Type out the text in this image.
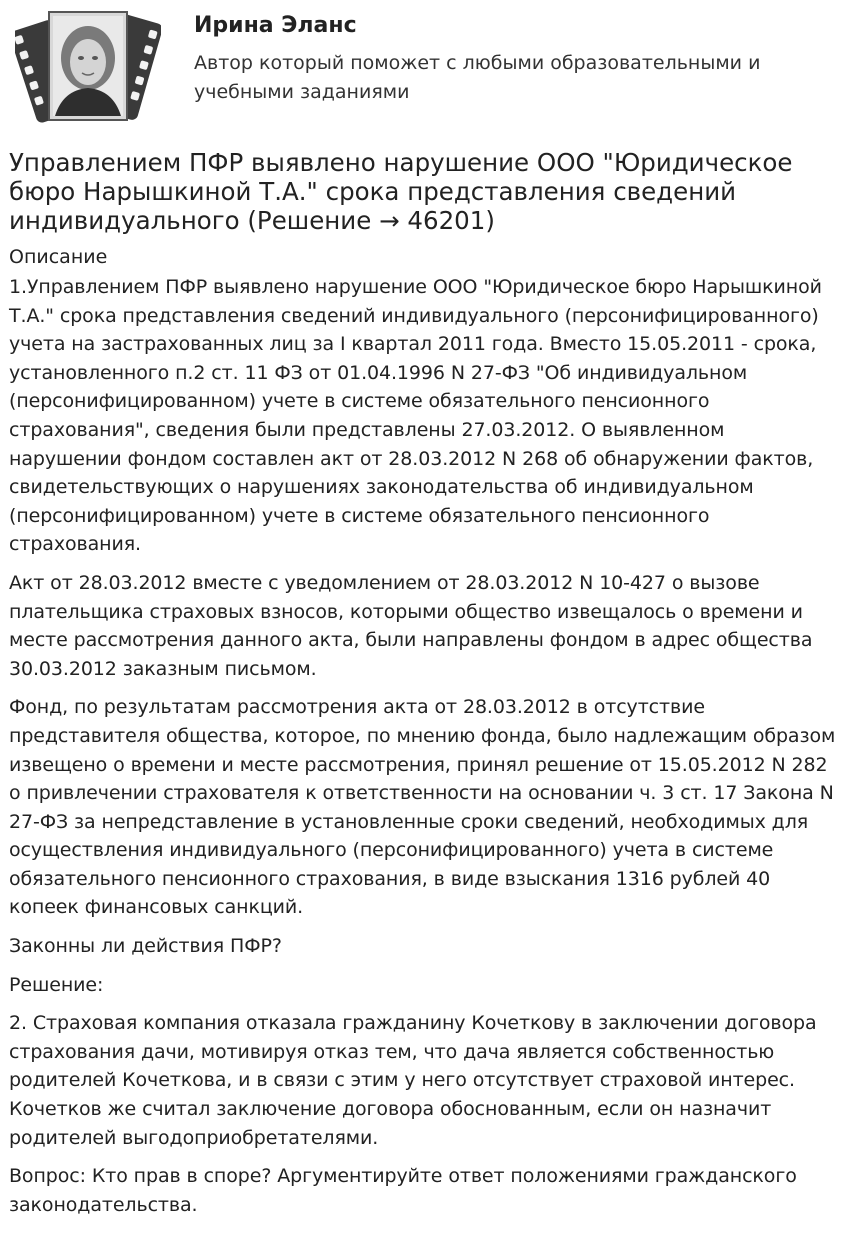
Ирина Эланс
Автор который поможет с любыми образовательными и учебными заданиями
Управлением ПФР выявлено нарушение ООО "Юридическое бюро Нарышкиной Т.А." срока представления сведений индивидуального (Решение → 46201)
Описание

1.Управлением ПФР выявлено нарушение ООО "Юридическое бюро Нарышкиной Т.А." срока представления сведений индивидуального (персонифицированного) учета на застрахованных лиц за I квартал 2011 года. Вместо 15.05.2011 - срока, установленного п.2 ст. 11 ФЗ от 01.04.1996 N 27-ФЗ "Об индивидуальном (персонифицированном) учете в системе обязательного пенсионного страхования", сведения были представлены 27.03.2012. О выявленном нарушении фондом составлен акт от 28.03.2012 N 268 об обнаружении фактов, свидетельствующих о нарушениях законодательства об индивидуальном (персонифицированном) учете в системе обязательного пенсионного страхования.

Акт от 28.03.2012 вместе с уведомлением от 28.03.2012 N 10-427 о вызове плательщика страховых взносов, которыми общество извещалось о времени и месте рассмотрения данного акта, были направлены фондом в адрес общества 30.03.2012 заказным письмом.

Фонд, по результатам рассмотрения акта от 28.03.2012 в отсутствие представителя общества, которое, по мнению фонда, было надлежащим образом извещено о времени и месте рассмотрения, принял решение от 15.05.2012 N 282 о привлечении страхователя к ответственности на основании ч. 3 ст. 17 Закона N 27-ФЗ за непредставление в установленные сроки сведений, необходимых для осуществления индивидуального (персонифицированного) учета в системе обязательного пенсионного страхования, в виде взыскания 1316 рублей 40 копеек финансовых санкций.

Законны ли действия ПФР?

Решение:

2. Страховая компания отказала гражданину Кочеткову в заключении договора страхования дачи, мотивируя отказ тем, что дача является собственностью родителей Кочеткова, и в связи с этим у него отсутствует страховой интерес. Кочетков же считал заключение договора обоснованным, если он назначит родителей выгодоприобретателями.

Вопрос: Кто прав в споре? Аргументируйте ответ положениями гражданского законодательства.
